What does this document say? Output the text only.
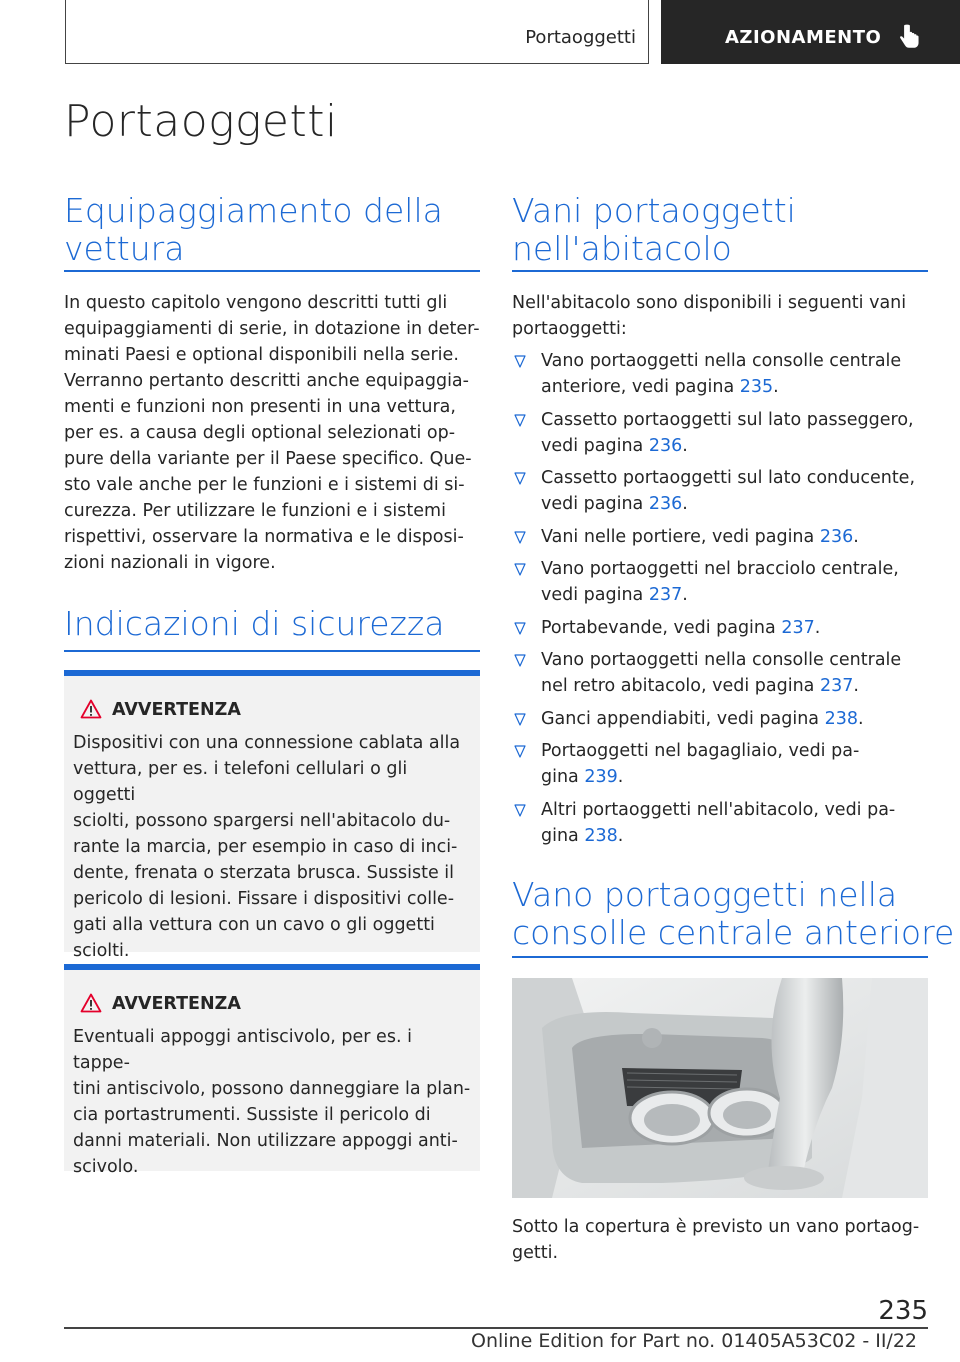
Portaoggetti	AZIONAMENTO
Portaoggetti
Equipaggiamento della
vettura
In questo capitolo vengono descritti tutti gli
equipaggiamenti di serie, in dotazione in deter-
minati Paesi e optional disponibili nella serie.
Verranno pertanto descritti anche equipaggia-
menti e funzioni non presenti in una vettura,
per es. a causa degli optional selezionati op-
pure della variante per il Paese specifico. Que-
sto vale anche per le funzioni e i sistemi di si-
curezza. Per utilizzare le funzioni e i sistemi
rispettivi, osservare la normativa e le disposi-
zioni nazionali in vigore.
Indicazioni di sicurezza
AVVERTENZA
Dispositivi con una connessione cablata alla
vettura, per es. i telefoni cellulari o gli oggetti
sciolti, possono spargersi nell'abitacolo du-
rante la marcia, per esempio in caso di inci-
dente, frenata o sterzata brusca. Sussiste il
pericolo di lesioni. Fissare i dispositivi colle-
gati alla vettura con un cavo o gli oggetti
sciolti.
AVVERTENZA
Eventuali appoggi antiscivolo, per es. i tappe-
tini antiscivolo, possono danneggiare la plan-
cia portastrumenti. Sussiste il pericolo di
danni materiali. Non utilizzare appoggi anti-
scivolo.
Vani portaoggetti
nell'abitacolo
Nell'abitacolo sono disponibili i seguenti vani
portaoggetti:
Vano portaoggetti nella consolle centrale
anteriore, vedi pagina 235.
Cassetto portaoggetti sul lato passeggero,
vedi pagina 236.
Cassetto portaoggetti sul lato conducente,
vedi pagina 236.
Vani nelle portiere, vedi pagina 236.
Vano portaoggetti nel bracciolo centrale,
vedi pagina 237.
Portabevande, vedi pagina 237.
Vano portaoggetti nella consolle centrale
nel retro abitacolo, vedi pagina 237.
Ganci appendiabiti, vedi pagina 238.
Portaoggetti nel bagagliaio, vedi pa-
gina 239.
Altri portaoggetti nell'abitacolo, vedi pa-
gina 238.
Vano portaoggetti nella
consolle centrale anteriore
Sotto la copertura è previsto un vano portaog-
getti.
235
Online Edition for Part no. 01405A53C02 - II/22
